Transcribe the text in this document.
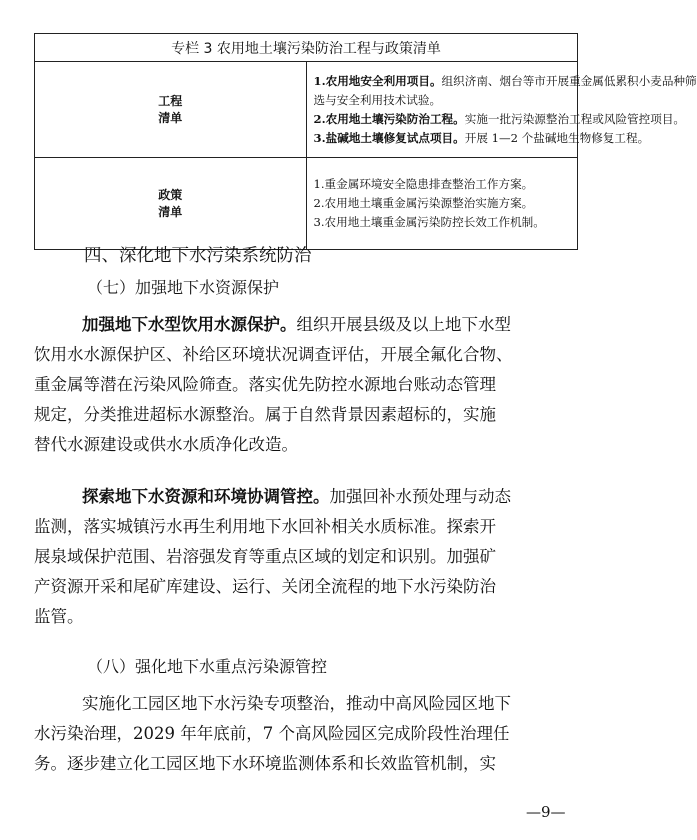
专栏 3 农用地土壤污染防治工程与政策清单	

工程
清单	1.农用地安全利用项目。组织济南、烟台等市开展重金属低累积小麦品种筛
选与安全利用技术试验。
2.农用地土壤污染防治工程。实施一批污染源整治工程或风险管控项目。
3.盐碱地土壤修复试点项目。开展 1—2 个盐碱地生物修复工程。

政策
清单	1.重金属环境安全隐患排查整治工作方案。
2.农用地土壤重金属污染源整治实施方案。
3.农用地土壤重金属污染防控长效工作机制。
四、深化地下水污染系统防治
（七）加强地下水资源保护
加强地下水型饮用水源保护。组织开展县级及以上地下水型
饮用水水源保护区、补给区环境状况调查评估，开展全氟化合物、
重金属等潜在污染风险筛查。落实优先防控水源地台账动态管理
规定，分类推进超标水源整治。属于自然背景因素超标的，实施
替代水源建设或供水水质净化改造。
探索地下水资源和环境协调管控。加强回补水预处理与动态
监测，落实城镇污水再生利用地下水回补相关水质标准。探索开
展泉域保护范围、岩溶强发育等重点区域的划定和识别。加强矿
产资源开采和尾矿库建设、运行、关闭全流程的地下水污染防治
监管。
（八）强化地下水重点污染源管控
实施化工园区地下水污染专项整治，推动中高风险园区地下
水污染治理，2029 年年底前，7 个高风险园区完成阶段性治理任
务。逐步建立化工园区地下水环境监测体系和长效监管机制，实
—9—
